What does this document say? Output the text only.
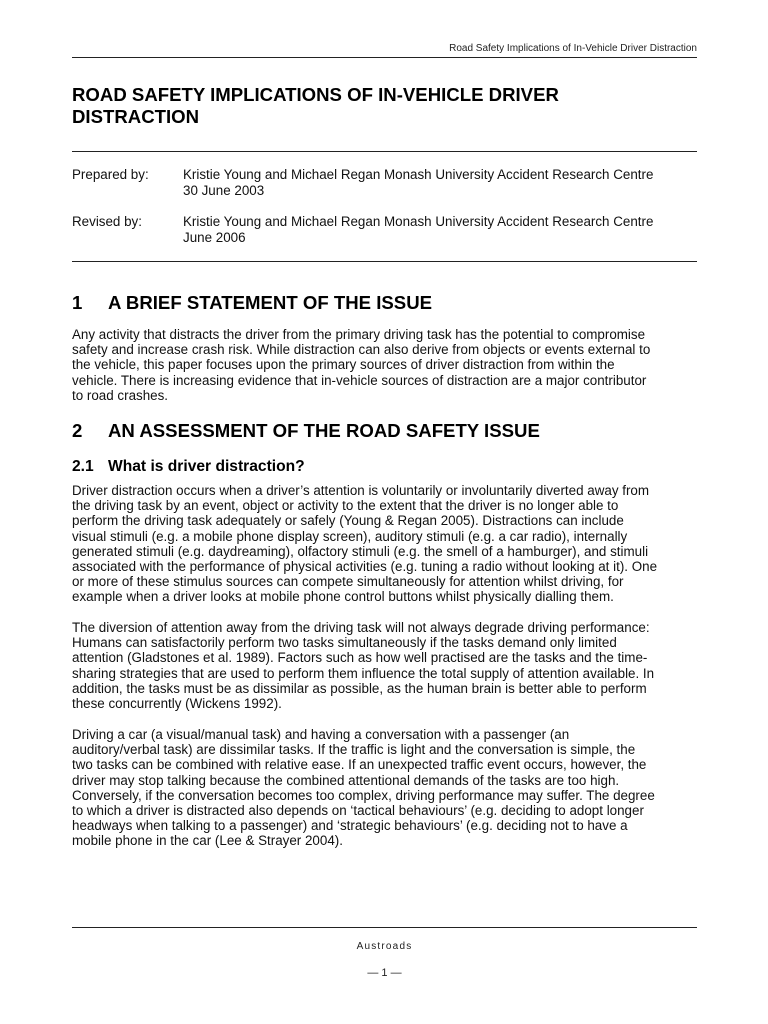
Road Safety Implications of In-Vehicle Driver Distraction
ROAD SAFETY IMPLICATIONS OF IN-VEHICLE DRIVER
DISTRACTION
Prepared by:	Kristie Young and Michael Regan Monash University Accident Research Centre
30 June 2003
Revised by:	Kristie Young and Michael Regan Monash University Accident Research Centre
June 2006
1 A BRIEF STATEMENT OF THE ISSUE

Any activity that distracts the driver from the primary driving task has the potential to compromise
safety and increase crash risk. While distraction can also derive from objects or events external to
the vehicle, this paper focuses upon the primary sources of driver distraction from within the
vehicle. There is increasing evidence that in-vehicle sources of distraction are a major contributor
to road crashes.

2 AN ASSESSMENT OF THE ROAD SAFETY ISSUE
2.1 What is driver distraction?

Driver distraction occurs when a driver’s attention is voluntarily or involuntarily diverted away from
the driving task by an event, object or activity to the extent that the driver is no longer able to
perform the driving task adequately or safely (Young & Regan 2005). Distractions can include
visual stimuli (e.g. a mobile phone display screen), auditory stimuli (e.g. a car radio), internally
generated stimuli (e.g. daydreaming), olfactory stimuli (e.g. the smell of a hamburger), and stimuli
associated with the performance of physical activities (e.g. tuning a radio without looking at it). One
or more of these stimulus sources can compete simultaneously for attention whilst driving, for
example when a driver looks at mobile phone control buttons whilst physically dialling them.

The diversion of attention away from the driving task will not always degrade driving performance:
Humans can satisfactorily perform two tasks simultaneously if the tasks demand only limited
attention (Gladstones et al. 1989). Factors such as how well practised are the tasks and the time-
sharing strategies that are used to perform them influence the total supply of attention available. In
addition, the tasks must be as dissimilar as possible, as the human brain is better able to perform
these concurrently (Wickens 1992).

Driving a car (a visual/manual task) and having a conversation with a passenger (an
auditory/verbal task) are dissimilar tasks. If the traffic is light and the conversation is simple, the
two tasks can be combined with relative ease. If an unexpected traffic event occurs, however, the
driver may stop talking because the combined attentional demands of the tasks are too high.
Conversely, if the conversation becomes too complex, driving performance may suffer. The degree
to which a driver is distracted also depends on ‘tactical behaviours’ (e.g. deciding to adopt longer
headways when talking to a passenger) and ‘strategic behaviours’ (e.g. deciding not to have a
mobile phone in the car (Lee & Strayer 2004).

Austroads
— 1 —
